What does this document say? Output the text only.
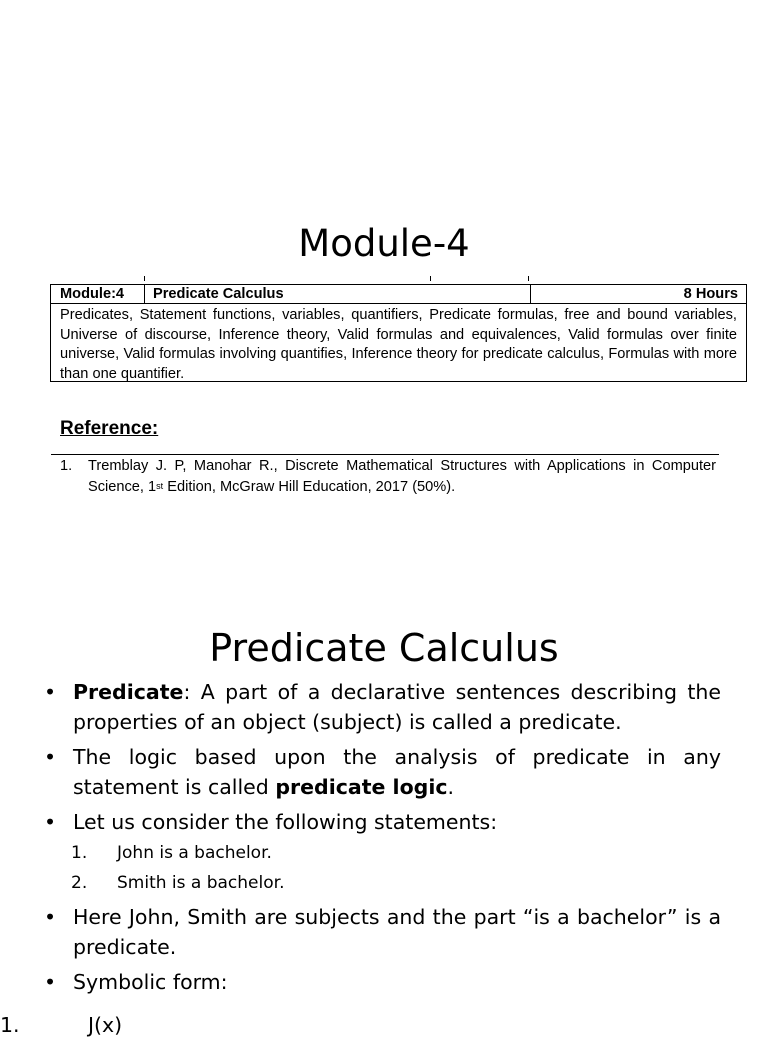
Module-4
Module:4	Predicate Calculus	8 Hours
Predicates, Statement functions, variables, quantifiers, Predicate formulas, free and bound variables, Universe of discourse, Inference theory, Valid formulas and equivalences, Valid formulas over finite universe, Valid formulas involving quantifies, Inference theory for predicate calculus, Formulas with more than one quantifier.
Reference:
1. Tremblay J. P, Manohar R., Discrete Mathematical Structures with Applications in Computer Science, 1st Edition, McGraw Hill Education, 2017 (50%).
Predicate Calculus
• Predicate: A part of a declarative sentences describing the properties of an object (subject) is called a predicate.
• The logic based upon the analysis of predicate in any statement is called predicate logic.
• Let us consider the following statements:
1. John is a bachelor.
2. Smith is a bachelor.
• Here John, Smith are subjects and the part “is a bachelor” is a predicate.
• Symbolic form:
1.	J(x)
